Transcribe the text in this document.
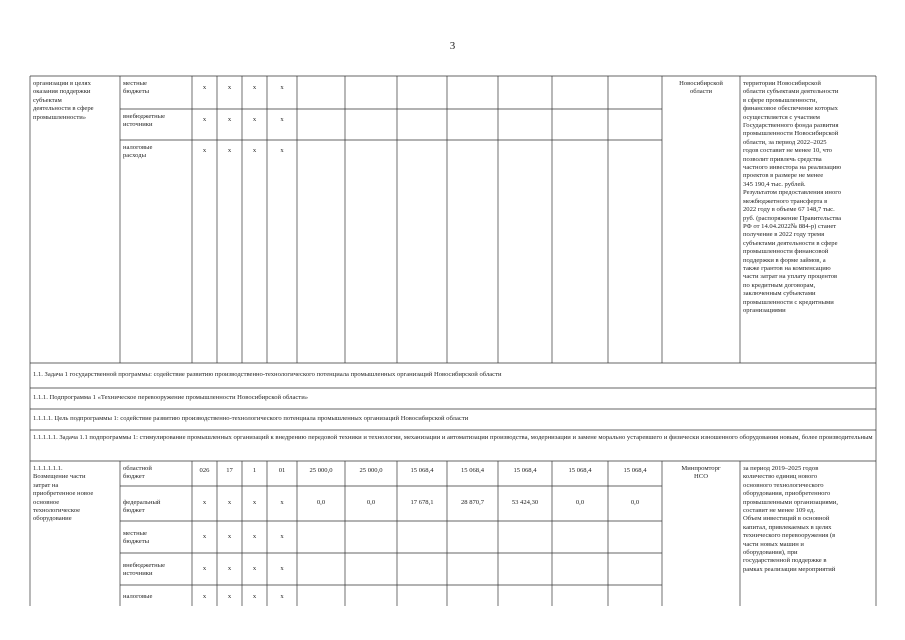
3
организации в целях
оказания поддержки
субъектам
деятельности в сфере
промышленности»
местные
бюджеты
x	x	x	x
внебюджетные
источники
x	x	x	x
налоговые
расходы
x	x	x	x
Новосибирской
области
территории Новосибирской
области субъектами деятельности
в сфере промышленности,
финансовое обеспечение которых
осуществляется с участием
Государственного фонда развития
промышленности Новосибирской
области, за период 2022–2025
годов составит не менее 10, что
позволит привлечь средства
частного инвестора на реализацию
проектов в размере не менее
345 190,4 тыс. рублей.
Результатом предоставления иного
межбюджетного трансферта в
2022 году в объеме 67 148,7 тыс.
руб. (распоряжение Правительства
РФ от 14.04.2022№ 884-р) станет
получение в 2022 году тремя
субъектами деятельности в сфере
промышленности финансовой
поддержки в форме займов, а
также грантов на компенсацию
части затрат на уплату процентов
по кредитным договорам,
заключенным субъектами
промышленности с кредитными
организациями
1.1. Задача 1 государственной программы: содействие развитию производственно-технологического потенциала промышленных организаций Новосибирской области
1.1.1. Подпрограмма 1 «Техническое перевооружение промышленности Новосибирской области»
1.1.1.1. Цель подпрограммы 1: содействие развитию производственно-технологического потенциала промышленных организаций Новосибирской области
1.1.1.1.1. Задача 1.1 подпрограммы 1: стимулирование промышленных организаций к внедрению передовой техники и технологии, механизации и автоматизации производства, модернизации и замене морально устаревшего и физически изношенного оборудования новым, более производительным
1.1.1.1.1.1.
Возмещение части
затрат на
приобретенное новое
основное
технологическое
оборудование
областной
бюджет
026	17	1	01	25 000,0	25 000,0	15 068,4	15 068,4	15 068,4	15 068,4	15 068,4
федеральный
бюджет
x	x	x	x	0,0	0,0	17 678,1	28 870,7	53 424,30	0,0	0,0
местные
бюджеты
x	x	x	x
внебюджетные
источники
x	x	x	x
налоговые	x	x	x	x
Минпромторг
НСО
за период 2019–2025 годов
количество единиц нового
основного технологического
оборудования, приобретенного
промышленными организациями,
составит не менее 109 ед.
Объем инвестиций в основной
капитал, привлекаемых в целях
технического перевооружения (в
части новых машин и
оборудования), при
государственной поддержке в
рамках реализации мероприятий
